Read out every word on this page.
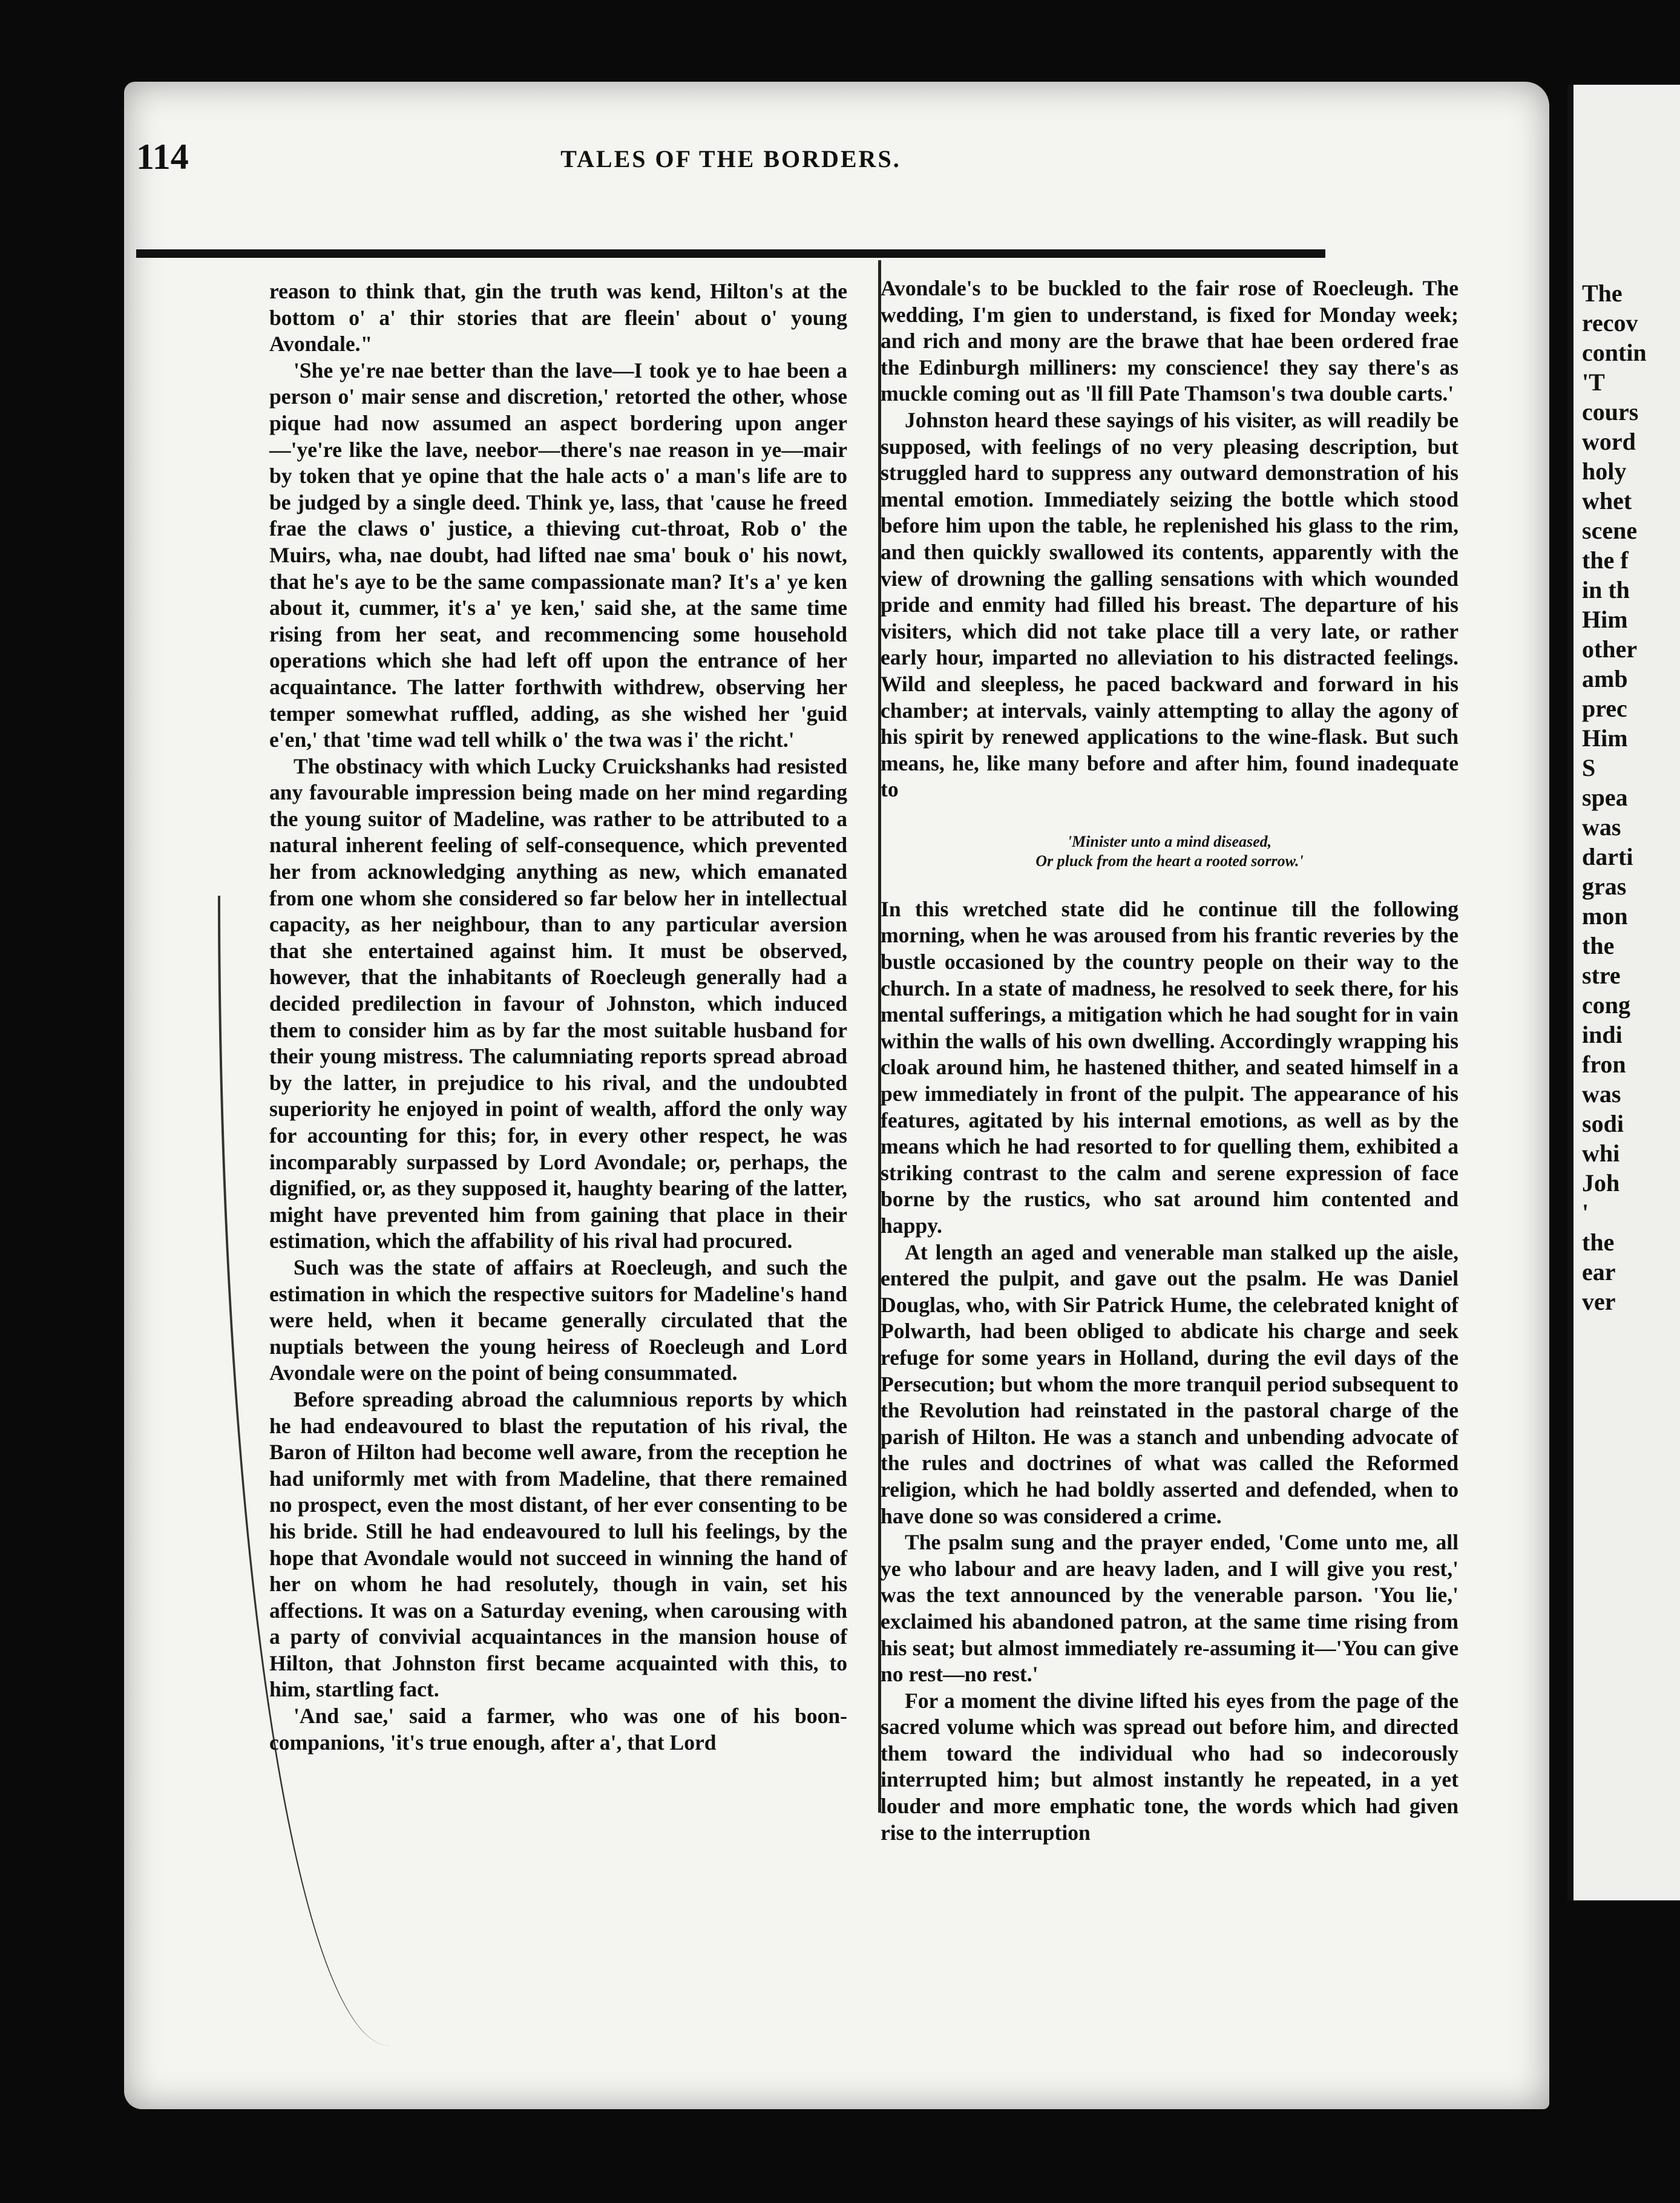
The
recov
contin
'T
cours
word
holy
whet
scene
the f
in th
Him
other
amb
prec
Him
S
spea
was
darti
gras
mon
the
stre
cong
indi
fron
was
sodi
whi
Joh
'
the
ear
ver
114	TALES OF THE BORDERS.

reason to think that, gin the truth was kend, Hilton's at the bottom o' a' thir stories that are fleein' about o' young Avondale."

'She ye're nae better than the lave—I took ye to hae been a person o' mair sense and discretion,' retorted the other, whose pique had now assumed an aspect bordering upon anger—'ye're like the lave, neebor—there's nae reason in ye—mair by token that ye opine that the hale acts o' a man's life are to be judged by a single deed. Think ye, lass, that 'cause he freed frae the claws o' justice, a thieving cut-throat, Rob o' the Muirs, wha, nae doubt, had lifted nae sma' bouk o' his nowt, that he's aye to be the same compassionate man? It's a' ye ken about it, cummer, it's a' ye ken,' said she, at the same time rising from her seat, and recommencing some household operations which she had left off upon the entrance of her acquaintance. The latter forthwith withdrew, observing her temper somewhat ruffled, adding, as she wished her 'guid e'en,' that 'time wad tell whilk o' the twa was i' the richt.'

The obstinacy with which Lucky Cruickshanks had resisted any favourable impression being made on her mind regarding the young suitor of Madeline, was rather to be attributed to a natural inherent feeling of self-consequence, which prevented her from acknowledging anything as new, which emanated from one whom she considered so far below her in intellectual capacity, as her neighbour, than to any particular aversion that she entertained against him. It must be observed, however, that the inhabitants of Roecleugh generally had a decided predilection in favour of Johnston, which induced them to consider him as by far the most suitable husband for their young mistress. The calumniating reports spread abroad by the latter, in prejudice to his rival, and the undoubted superiority he enjoyed in point of wealth, afford the only way for accounting for this; for, in every other respect, he was incomparably surpassed by Lord Avondale; or, perhaps, the dignified, or, as they supposed it, haughty bearing of the latter, might have prevented him from gaining that place in their estimation, which the affability of his rival had procured.

Such was the state of affairs at Roecleugh, and such the estimation in which the respective suitors for Madeline's hand were held, when it became generally circulated that the nuptials between the young heiress of Roecleugh and Lord Avondale were on the point of being consummated.

Before spreading abroad the calumnious reports by which he had endeavoured to blast the reputation of his rival, the Baron of Hilton had become well aware, from the reception he had uniformly met with from Madeline, that there remained no prospect, even the most distant, of her ever consenting to be his bride. Still he had endeavoured to lull his feelings, by the hope that Avondale would not succeed in winning the hand of her on whom he had resolutely, though in vain, set his affections. It was on a Saturday evening, when carousing with a party of convivial acquaintances in the mansion house of Hilton, that Johnston first became acquainted with this, to him, startling fact.

'And sae,' said a farmer, who was one of his boon-companions, 'it's true enough, after a', that Lord

Avondale's to be buckled to the fair rose of Roecleugh. The wedding, I'm gien to understand, is fixed for Monday week; and rich and mony are the brawe that hae been ordered frae the Edinburgh milliners: my conscience! they say there's as muckle coming out as 'll fill Pate Thamson's twa double carts.'

Johnston heard these sayings of his visiter, as will readily be supposed, with feelings of no very pleasing description, but struggled hard to suppress any outward demonstration of his mental emotion. Immediately seizing the bottle which stood before him upon the table, he replenished his glass to the rim, and then quickly swallowed its contents, apparently with the view of drowning the galling sensations with which wounded pride and enmity had filled his breast. The departure of his visiters, which did not take place till a very late, or rather early hour, imparted no alleviation to his distracted feelings. Wild and sleepless, he paced backward and forward in his chamber; at intervals, vainly attempting to allay the agony of his spirit by renewed applications to the wine-flask. But such means, he, like many before and after him, found inadequate to

'Minister unto a mind diseased,
Or pluck from the heart a rooted sorrow.'

In this wretched state did he continue till the following morning, when he was aroused from his frantic reveries by the bustle occasioned by the country people on their way to the church. In a state of madness, he resolved to seek there, for his mental sufferings, a mitigation which he had sought for in vain within the walls of his own dwelling. Accordingly wrapping his cloak around him, he hastened thither, and seated himself in a pew immediately in front of the pulpit. The appearance of his features, agitated by his internal emotions, as well as by the means which he had resorted to for quelling them, exhibited a striking contrast to the calm and serene expression of face borne by the rustics, who sat around him contented and happy.

At length an aged and venerable man stalked up the aisle, entered the pulpit, and gave out the psalm. He was Daniel Douglas, who, with Sir Patrick Hume, the celebrated knight of Polwarth, had been obliged to abdicate his charge and seek refuge for some years in Holland, during the evil days of the Persecution; but whom the more tranquil period subsequent to the Revolution had reinstated in the pastoral charge of the parish of Hilton. He was a stanch and unbending advocate of the rules and doctrines of what was called the Reformed religion, which he had boldly asserted and defended, when to have done so was considered a crime.

The psalm sung and the prayer ended, 'Come unto me, all ye who labour and are heavy laden, and I will give you rest,' was the text announced by the venerable parson. 'You lie,' exclaimed his abandoned patron, at the same time rising from his seat; but almost immediately re-assuming it—'You can give no rest—no rest.'

For a moment the divine lifted his eyes from the page of the sacred volume which was spread out before him, and directed them toward the individual who had so indecorously interrupted him; but almost instantly he repeated, in a yet louder and more emphatic tone, the words which had given rise to the interruption
